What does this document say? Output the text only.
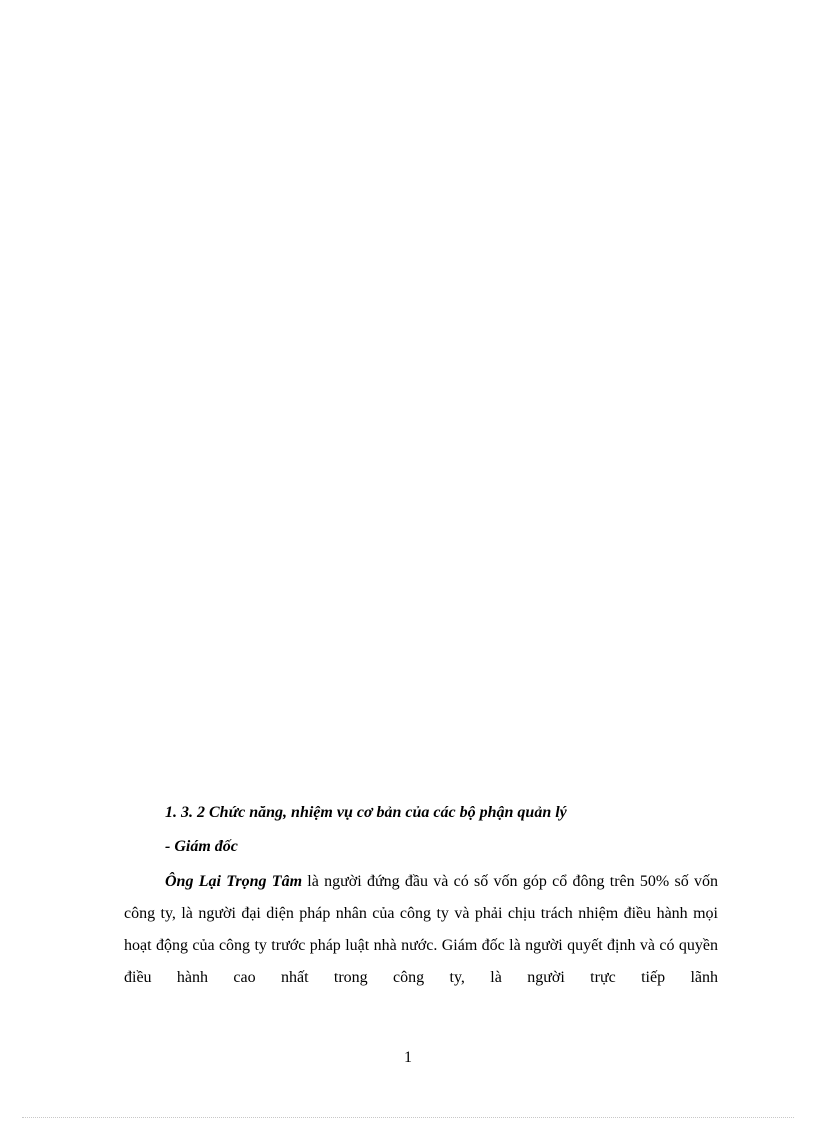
1. 3. 2 Chức năng, nhiệm vụ cơ bản của các bộ phận quản lý

- Giám đốc

Ông Lại Trọng Tâm là người đứng đầu và có số vốn góp cổ đông trên 50% số vốn công ty, là người đại diện pháp nhân của công ty và phải chịu trách nhiệm điều hành mọi hoạt động của công ty trước pháp luật nhà nước. Giám đốc là người quyết định và có quyền điều hành cao nhất trong công ty, là người trực tiếp lãnh

1
